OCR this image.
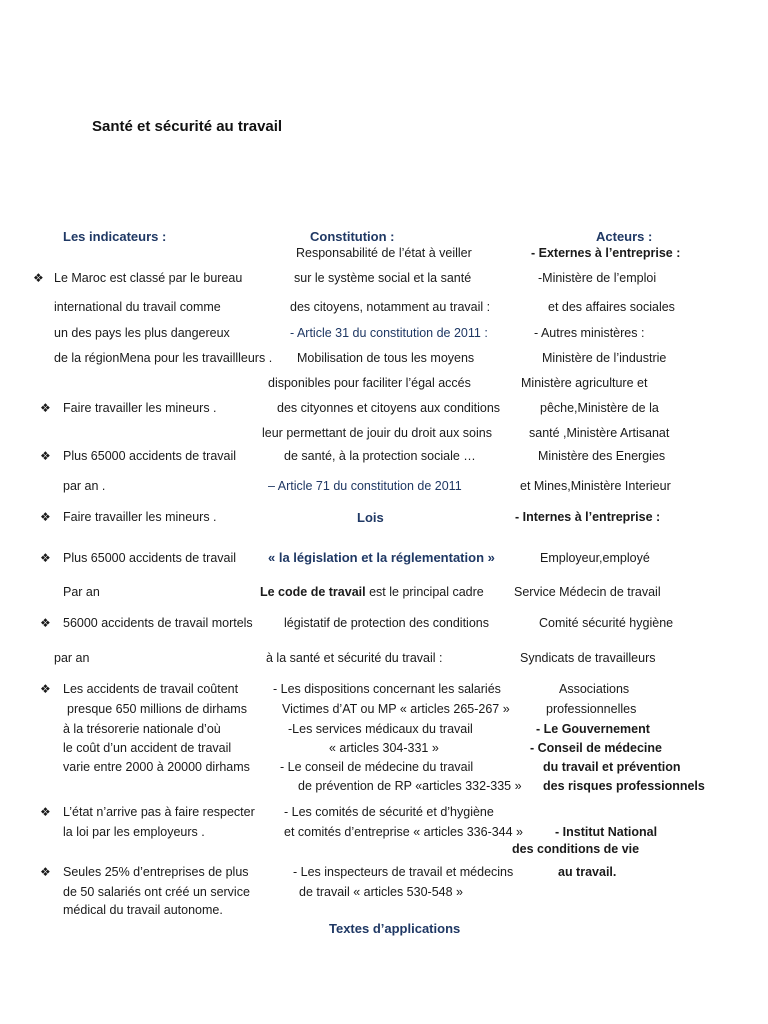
Santé et sécurité au travail
Les indicateurs :	Constitution :	Acteurs :
❖
❖
❖
❖
❖
❖
❖
❖
❖
Le Maroc est classé par le bureau
international du travail comme
un des pays les plus dangereux
de la régionMena pour les travaillleurs .
Faire travailler les mineurs .
Plus 65000 accidents de travail
par an .
Faire travailler les mineurs .
Plus 65000 accidents de travail
Par an
56000 accidents de travail mortels
par an
Les accidents de travail coûtent
presque 650 millions de dirhams
à la trésorerie nationale d’où
le coût d’un accident de travail
varie entre 2000 à 20000 dirhams
L’état n’arrive pas à faire respecter
la loi par les employeurs .
Seules 25% d’entreprises de plus
de 50 salariés ont créé un service
médical du travail autonome.
Responsabilité de l’état à veiller
sur le système social et la santé
des citoyens, notamment au travail :
- Article 31 du constitution de 2011 :
Mobilisation de tous les moyens
disponibles pour faciliter l’égal accés
des cityonnes et citoyens aux conditions
leur permettant de jouir du droit aux soins
de santé, à la protection sociale …
– Article 71 du constitution de 2011
Lois
« la législation et la réglementation »
Le code de travail est le principal cadre
légistatif de protection des conditions
à la santé et sécurité du travail :
- Les dispositions concernant les salariés
Victimes d’AT ou MP « articles 265-267 »
-Les services médicaux du travail
« articles 304-331 »
- Le conseil de médecine du travail
de prévention de RP «articles 332-335 »
- Les comités de sécurité et d’hygiène
et comités d’entreprise « articles 336-344 »
- Les inspecteurs de travail et médecins
de travail « articles 530-548 »
Textes d’applications
- Externes à l’entreprise :
-Ministère de l’emploi
et des affaires sociales
- Autres ministères :
Ministère de l’industrie
Ministère agriculture et
pêche,Ministère de la
santé ,Ministère Artisanat
Ministère des Energies
et Mines,Ministère Interieur
- Internes à l’entreprise :
Employeur,employé
Service Médecin de travail
Comité sécurité hygiène
Syndicats de travailleurs
Associations
professionnelles
- Le Gouvernement
- Conseil de médecine
du travail et prévention
des risques professionnels
- Institut National
des conditions de vie
au travail.
